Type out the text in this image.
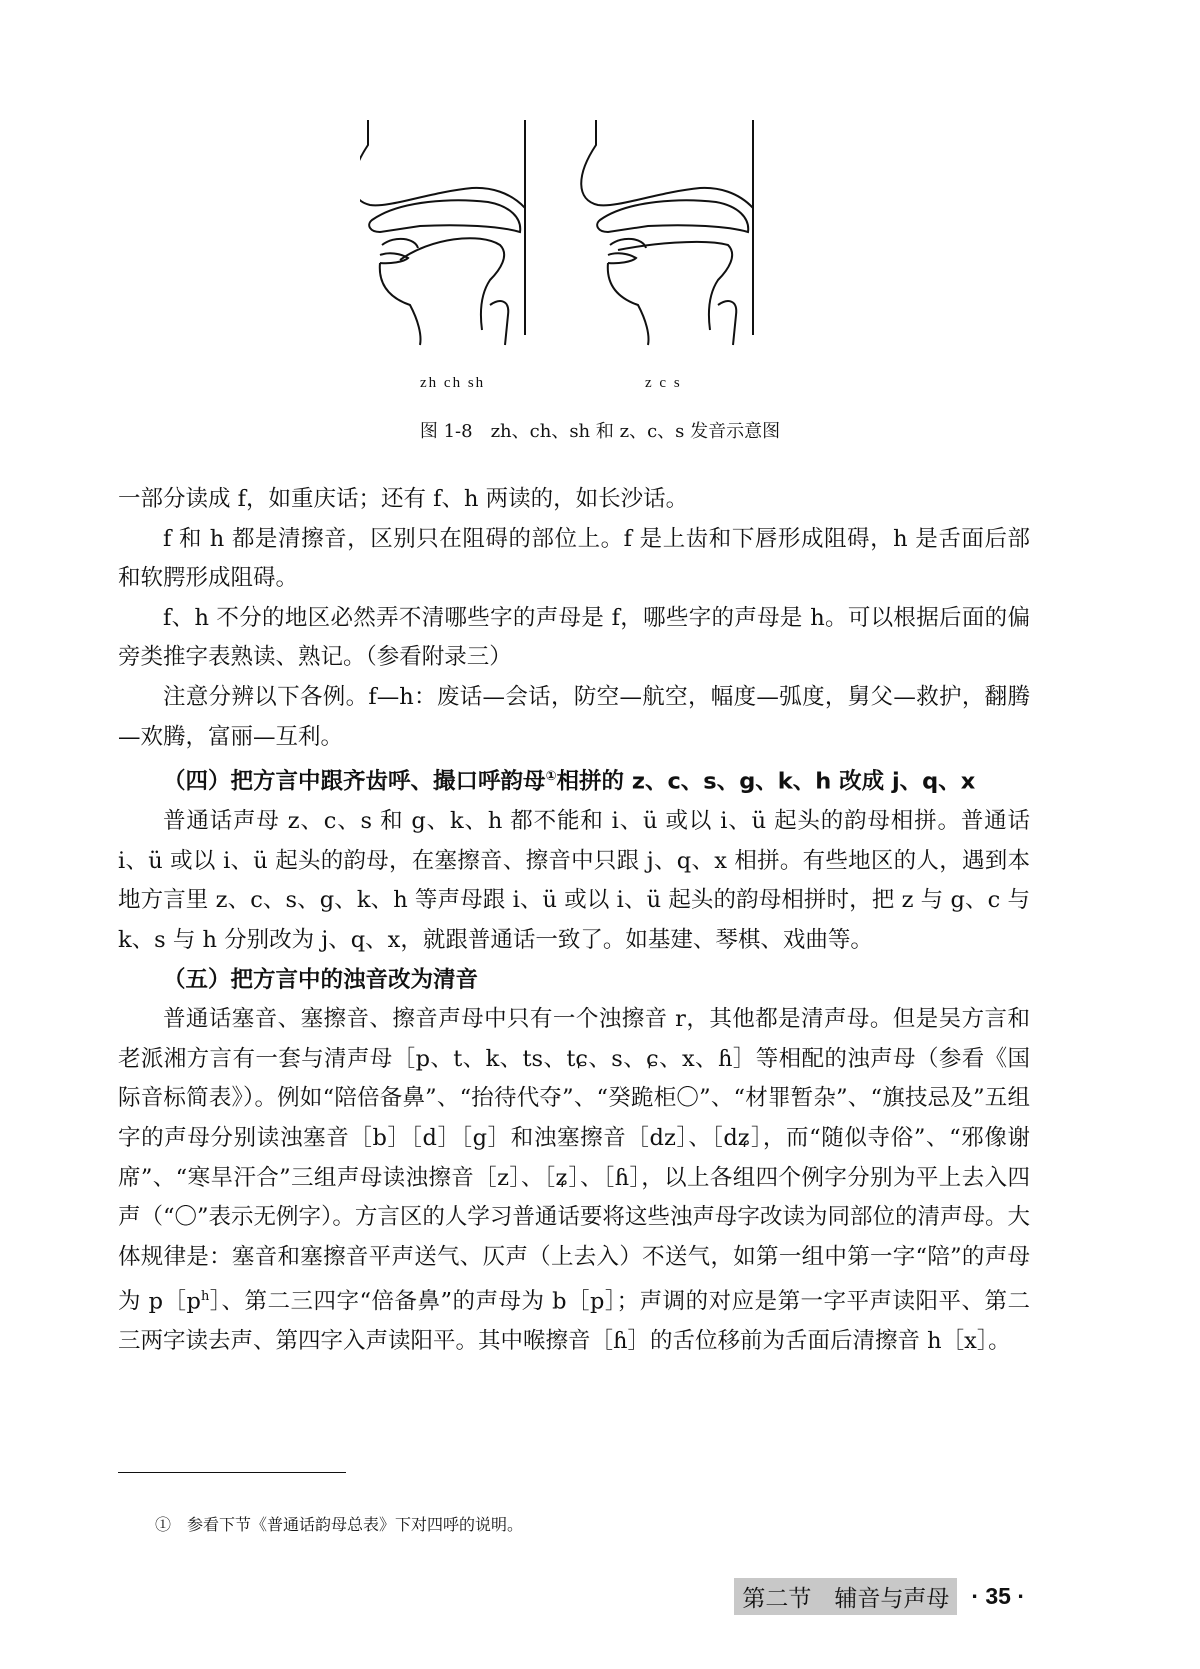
zh ch sh	z c s
图 1-8　zh、ch、sh 和 z、c、s 发音示意图

一部分读成 f，如重庆话；还有 f、h 两读的，如长沙话。

f 和 h 都是清擦音，区别只在阻碍的部位上。f 是上齿和下唇形成阻碍，h 是舌面后部和软腭形成阻碍。

f、h 不分的地区必然弄不清哪些字的声母是 f，哪些字的声母是 h。可以根据后面的偏旁类推字表熟读、熟记。（参看附录三）

注意分辨以下各例。f—h：废话—会话，防空—航空，幅度—弧度，舅父—救护，翻腾—欢腾，富丽—互利。

（四）把方言中跟齐齿呼、撮口呼韵母①相拼的 z、c、s、g、k、h 改成 j、q、x

普通话声母 z、c、s 和 g、k、h 都不能和 i、ü 或以 i、ü 起头的韵母相拼。普通话 i、ü 或以 i、ü 起头的韵母，在塞擦音、擦音中只跟 j、q、x 相拼。有些地区的人，遇到本地方言里 z、c、s、g、k、h 等声母跟 i、ü 或以 i、ü 起头的韵母相拼时，把 z 与 g、c 与 k、s 与 h 分别改为 j、q、x，就跟普通话一致了。如基建、琴棋、戏曲等。

（五）把方言中的浊音改为清音

普通话塞音、塞擦音、擦音声母中只有一个浊擦音 r，其他都是清声母。但是吴方言和老派湘方言有一套与清声母［p、t、k、ts、tɕ、s、ɕ、x、ɦ］等相配的浊声母（参看《国际音标简表》）。例如“陪倍备鼻”、“抬待代夺”、“癸跪柜〇”、“材罪暂杂”、“旗技忌及”五组字的声母分别读浊塞音［b］［d］［g］和浊塞擦音［dz］、［dʑ］，而“随似寺俗”、“邪像谢席”、“寒旱汗合”三组声母读浊擦音［z］、［ʑ］、［ɦ］，以上各组四个例字分别为平上去入四声（“〇”表示无例字）。方言区的人学习普通话要将这些浊声母字改读为同部位的清声母。大体规律是：塞音和塞擦音平声送气、仄声（上去入）不送气，如第一组中第一字“陪”的声母为 $p[p^h]$、第二三四字“倍备鼻”的声母为 b［p］；声调的对应是第一字平声读阳平、第二三两字读去声、第四字入声读阳平。其中喉擦音［ɦ］的舌位移前为舌面后清擦音 h［x］。

①　参看下节《普通话韵母总表》下对四呼的说明。
第二节　辅音与声母 · 35 ·
